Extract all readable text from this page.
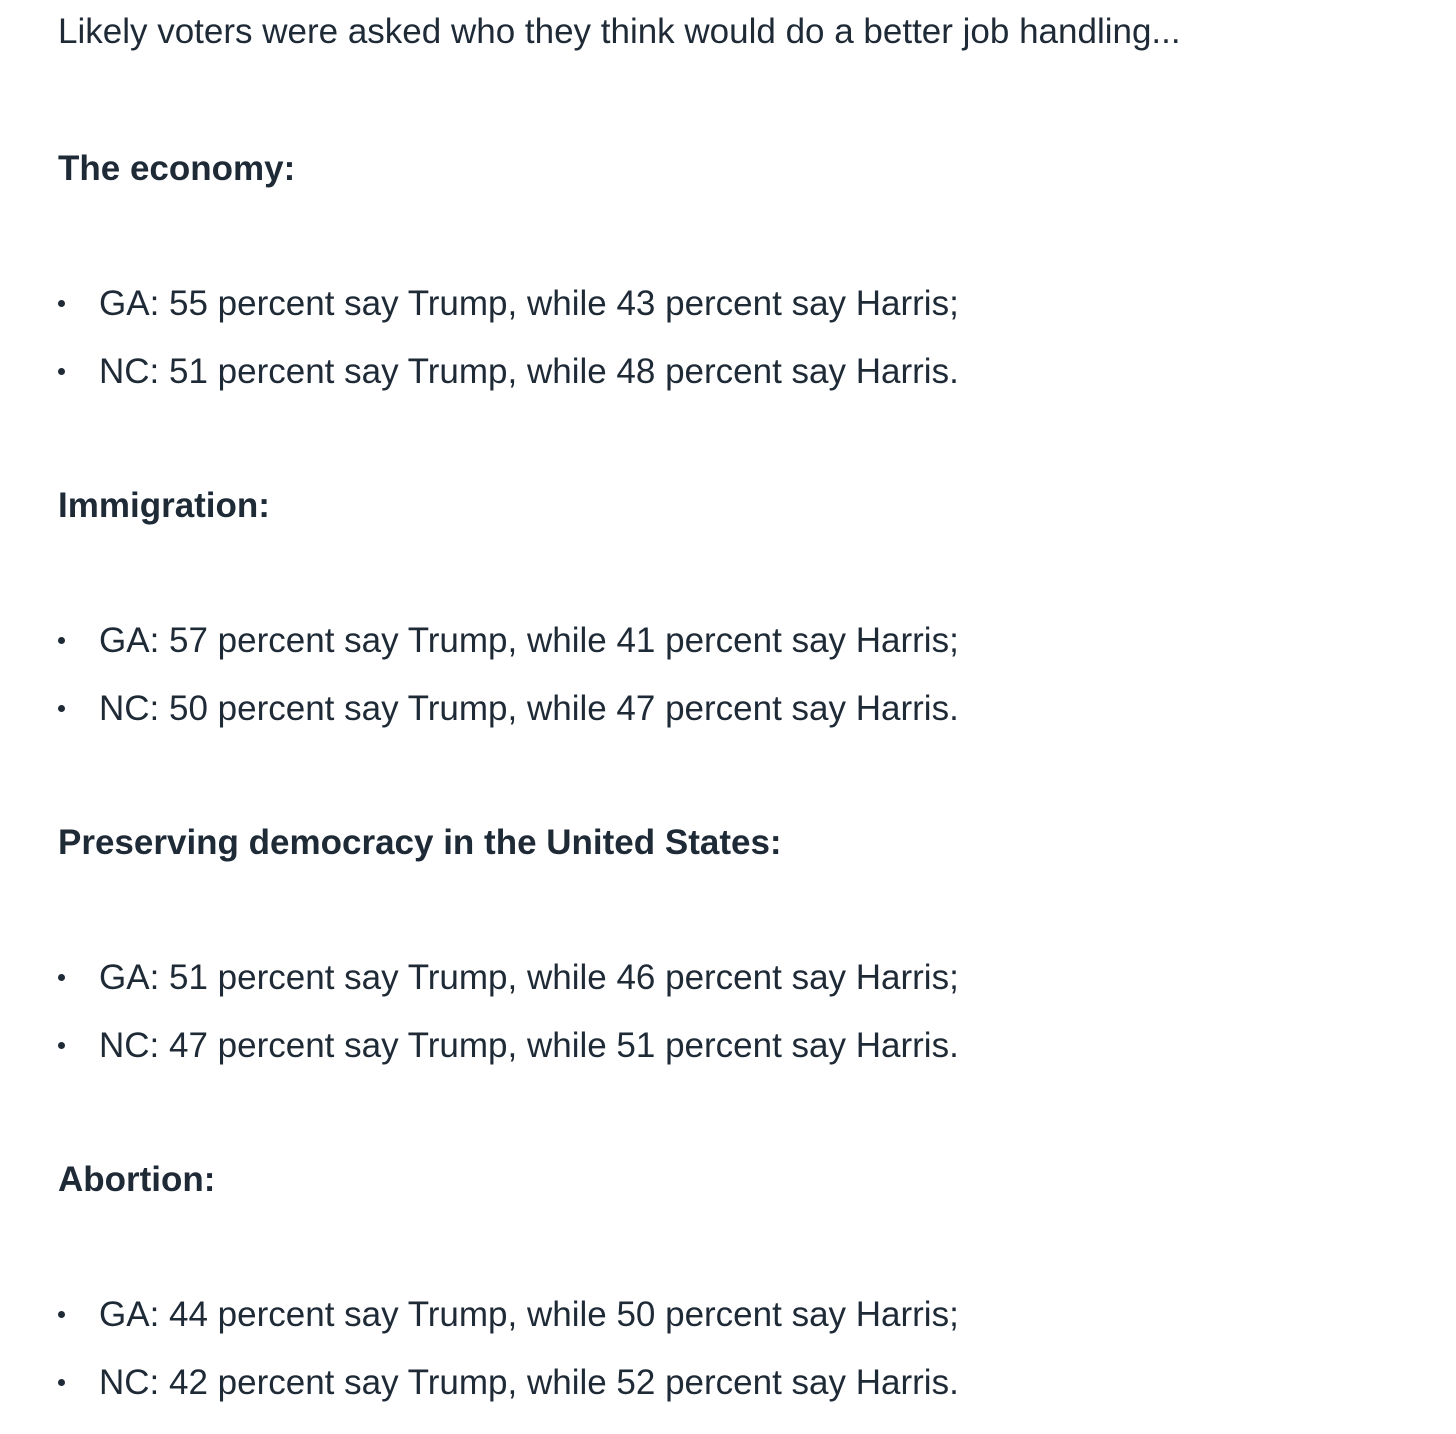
Likely voters were asked who they think would do a better job handling...

The economy:
GA: 55 percent say Trump, while 43 percent say Harris;
NC: 51 percent say Trump, while 48 percent say Harris.
Immigration:
GA: 57 percent say Trump, while 41 percent say Harris;
NC: 50 percent say Trump, while 47 percent say Harris.
Preserving democracy in the United States:
GA: 51 percent say Trump, while 46 percent say Harris;
NC: 47 percent say Trump, while 51 percent say Harris.
Abortion:
GA: 44 percent say Trump, while 50 percent say Harris;
NC: 42 percent say Trump, while 52 percent say Harris.
